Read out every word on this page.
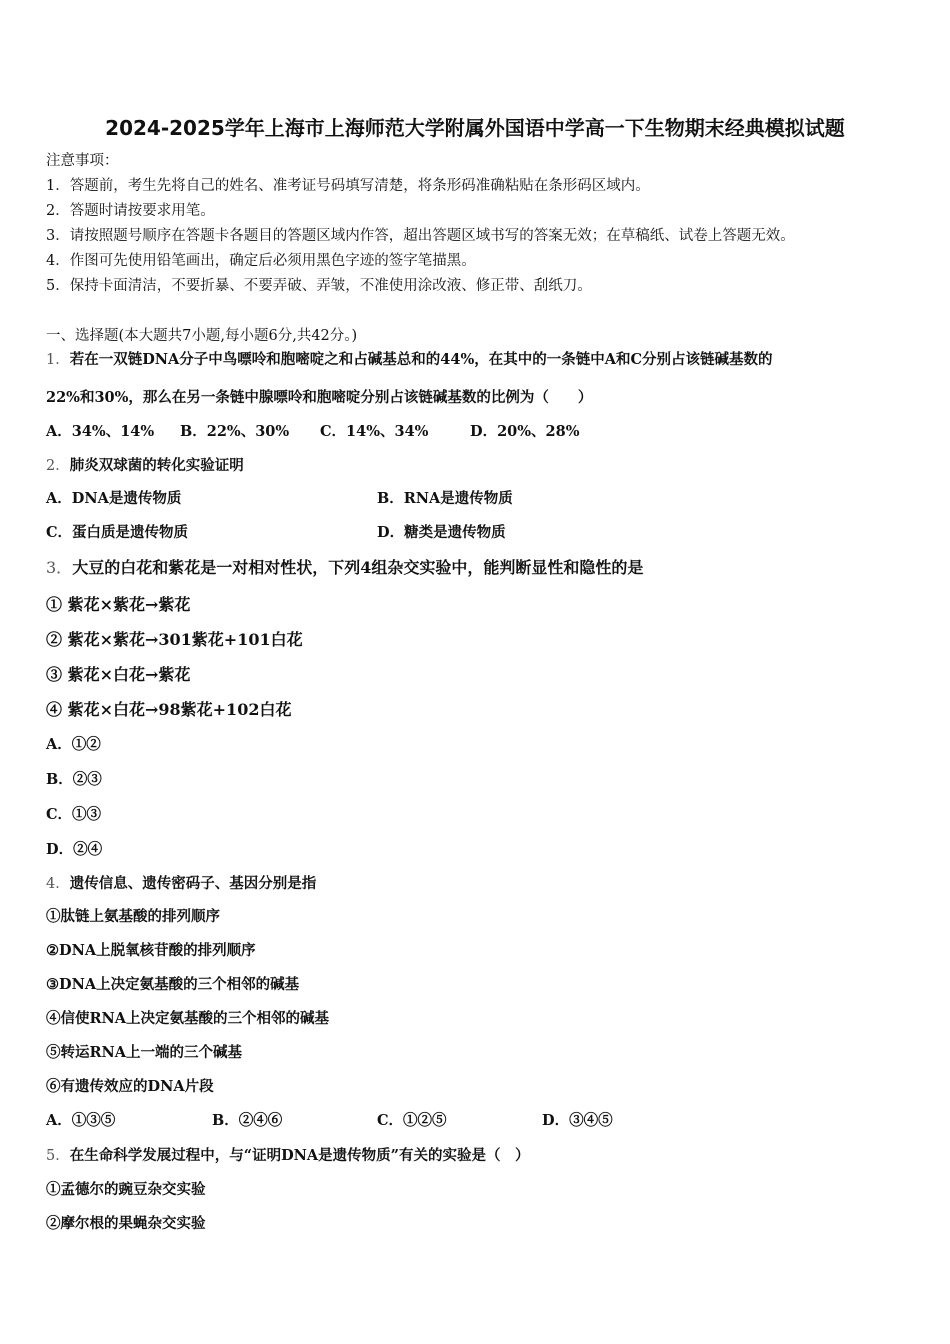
2024-2025学年上海市上海师范大学附属外国语中学高一下生物期末经典模拟试题
注意事项：
1．答题前，考生先将自己的姓名、准考证号码填写清楚，将条形码准确粘贴在条形码区域内。
2．答题时请按要求用笔。
3．请按照题号顺序在答题卡各题目的答题区域内作答，超出答题区域书写的答案无效；在草稿纸、试卷上答题无效。
4．作图可先使用铅笔画出，确定后必须用黑色字迹的签字笔描黑。
5．保持卡面清洁，不要折暴、不要弄破、弄皱，不准使用涂改液、修正带、刮纸刀。
一、选择题(本大题共7小题,每小题6分,共42分。)
1．若在一双链DNA分子中鸟嘌呤和胞嘧啶之和占碱基总和的44%，在其中的一条链中A和C分别占该链碱基数的
22%和30%，那么在另一条链中腺嘌呤和胞嘧啶分别占该链碱基数的比例为（　　）
A．34%、14% B．22%、30% C．14%、34%	D．20%、28%
2．肺炎双球菌的转化实验证明
A．DNA是遗传物质	B．RNA是遗传物质
C．蛋白质是遗传物质	D．糖类是遗传物质
3．大豆的白花和紫花是一对相对性状，下列4组杂交实验中，能判断显性和隐性的是
① 紫花×紫花→紫花
② 紫花×紫花→301紫花+101白花
③ 紫花×白花→紫花
④ 紫花×白花→98紫花+102白花
A．①②
B．②③
C．①③
D．②④
4．遗传信息、遗传密码子、基因分别是指
①肽链上氨基酸的排列顺序
②DNA上脱氧核苷酸的排列顺序
③DNA上决定氨基酸的三个相邻的碱基
④信使RNA上决定氨基酸的三个相邻的碱基
⑤转运RNA上一端的三个碱基
⑥有遗传效应的DNA片段
A．①③⑤	B．②④⑥	C．①②⑤	D．③④⑤
5．在生命科学发展过程中，与“证明DNA是遗传物质”有关的实验是（　）
①孟德尔的豌豆杂交实验
②摩尔根的果蝇杂交实验
